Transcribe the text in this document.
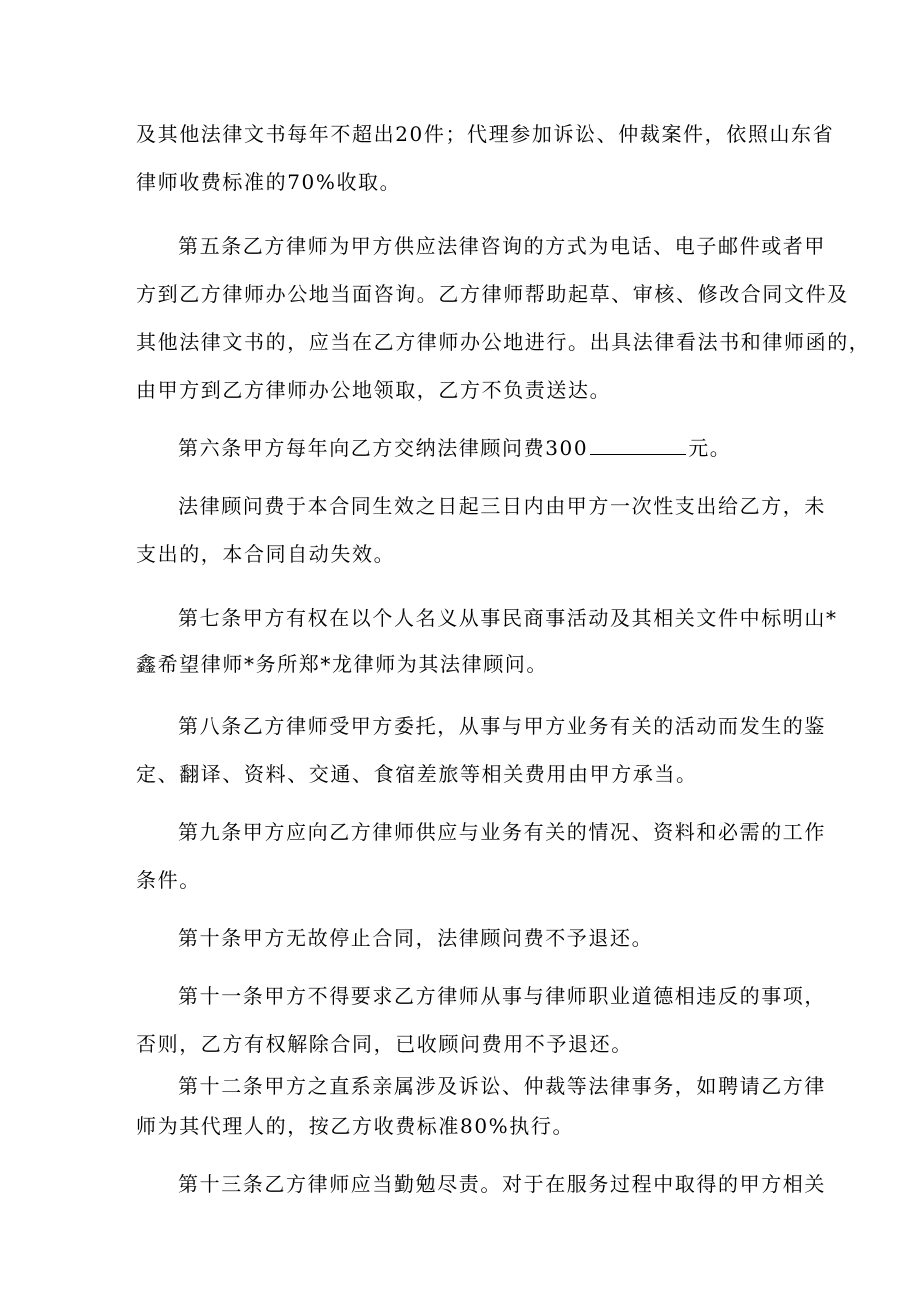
及其他法律文书每年不超出20件；代理参加诉讼、仲裁案件，依照山东省
律师收费标准的70%收取。
第五条乙方律师为甲方供应法律咨询的方式为电话、电子邮件或者甲
方到乙方律师办公地当面咨询。乙方律师帮助起草、审核、修改合同文件及
其他法律文书的，应当在乙方律师办公地进行。出具法律看法书和律师函的，
由甲方到乙方律师办公地领取，乙方不负责送达。
第六条甲方每年向乙方交纳法律顾问费300	元。
法律顾问费于本合同生效之日起三日内由甲方一次性支出给乙方，未
支出的，本合同自动失效。
第七条甲方有权在以个人名义从事民商事活动及其相关文件中标明山*
鑫希望律师*务所郑*龙律师为其法律顾问。
第八条乙方律师受甲方委托，从事与甲方业务有关的活动而发生的鉴
定、翻译、资料、交通、食宿差旅等相关费用由甲方承当。
第九条甲方应向乙方律师供应与业务有关的情况、资料和必需的工作
条件。
第十条甲方无故停止合同，法律顾问费不予退还。
第十一条甲方不得要求乙方律师从事与律师职业道德相违反的事项，
否则，乙方有权解除合同，已收顾问费用不予退还。
第十二条甲方之直系亲属涉及诉讼、仲裁等法律事务，如聘请乙方律
师为其代理人的，按乙方收费标准80%执行。
第十三条乙方律师应当勤勉尽责。对于在服务过程中取得的甲方相关
